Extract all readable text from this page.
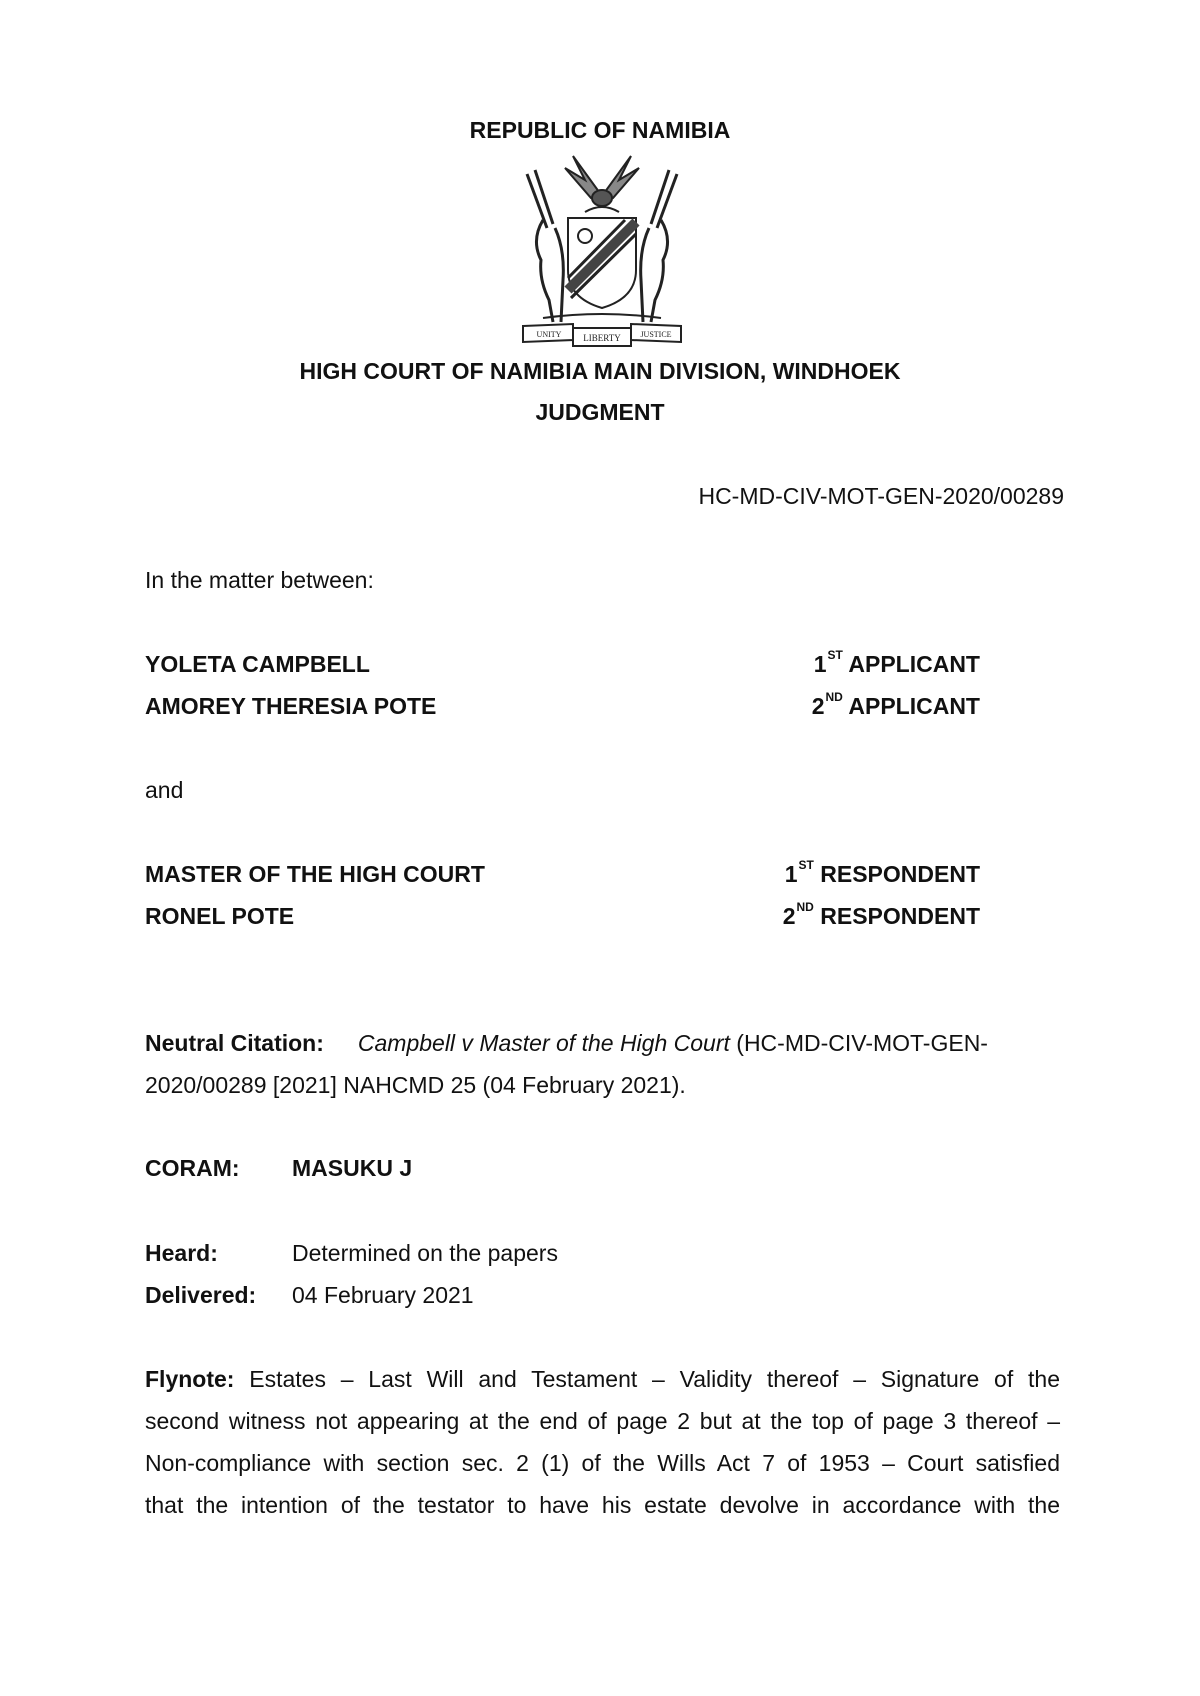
REPUBLIC OF NAMIBIA
UNITY LIBERTY JUSTICE
HIGH COURT OF NAMIBIA MAIN DIVISION, WINDHOEK
JUDGMENT
HC-MD-CIV-MOT-GEN-2020/00289
In the matter between:
YOLETA CAMPBELL	1ST APPLICANT
AMOREY THERESIA POTE	2ND APPLICANT
and
MASTER OF THE HIGH COURT	1ST RESPONDENT
RONEL POTE	2ND RESPONDENT
Neutral Citation: Campbell v Master of the High Court (HC-MD-CIV-MOT-GEN-
2020/00289 [2021] NAHCMD 25 (04 February 2021).
CORAM: MASUKU J
Heard:	Determined on the papers
Delivered: 04 February 2021
Flynote: Estates – Last Will and Testament – Validity thereof – Signature of the
second witness not appearing at the end of page 2 but at the top of page 3 thereof –
Non-compliance with section sec. 2 (1) of the Wills Act 7 of 1953 – Court satisfied
that the intention of the testator to have his estate devolve in accordance with the
